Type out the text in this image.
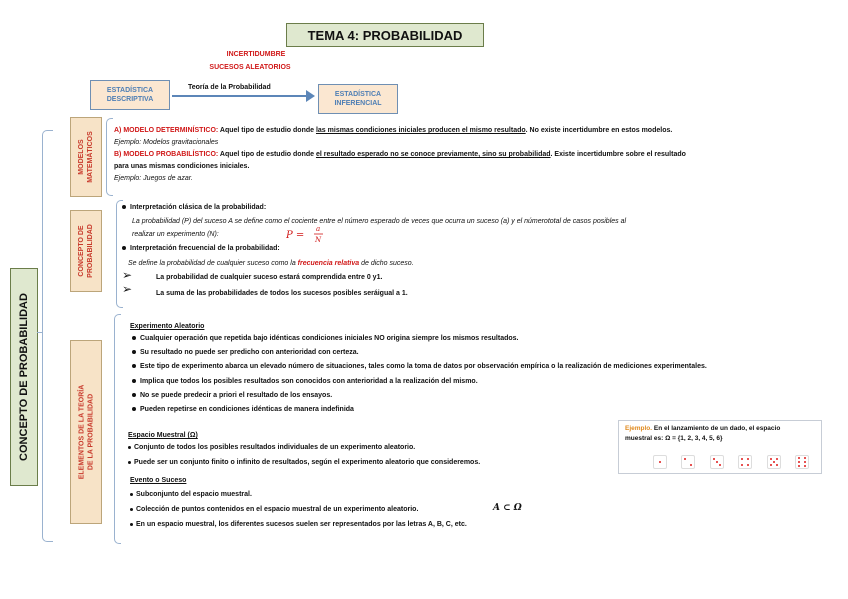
TEMA 4: PROBABILIDAD
INCERTIDUMBRE
SUCESOS ALEATORIOS
ESTADÍSTICA
DESCRIPTIVA
Teoría de la Probabilidad
ESTADÍSTICA
INFERENCIAL
CONCEPTO DE PROBABILIDAD
MODELOS MATEMÁTICOS
A) MODELO DETERMINÍSTICO: Aquel tipo de estudio donde las mismas condiciones iniciales producen el mismo resultado. No existe incertidumbre en estos modelos.
Ejemplo: Modelos gravitacionales
B) MODELO PROBABILÍSTICO: Aquel tipo de estudio donde el resultado esperado no se conoce previamente, sino su probabilidad. Existe incertidumbre sobre el resultado
para unas mismas condiciones iniciales.
Ejemplo: Juegos de azar.
CONCEPTO DE PROBABILIDAD
Interpretación clásica de la probabilidad:
La probabilidad (P) del suceso A se define como el cociente entre el número esperado de veces que ocurra un suceso (a) y el númerototal de casos posibles al
realizar un experimento (N):	P =
a
N
Interpretación frecuencial de la probabilidad:
Se define la probabilidad de cualquier suceso como la frecuencia relativa de dicho suceso.
➢	La probabilidad de cualquier suceso estará comprendida entre 0 y1.
➢	La suma de las probabilidades de todos los sucesos posibles seráigual a 1.
ELEMENTOS DE LA TEORÍA DE LA PROBABILIDAD
Experimento Aleatorio
Cualquier operación que repetida bajo idénticas condiciones iniciales NO origina siempre los mismos resultados.
Su resultado no puede ser predicho con anterioridad con certeza.
Este tipo de experimento abarca un elevado número de situaciones, tales como la toma de datos por observación empírica o la realización de mediciones experimentales.
Implica que todos los posibles resultados son conocidos con anterioridad a la realización del mismo.
No se puede predecir a priori el resultado de los ensayos.
Pueden repetirse en condiciones idénticas de manera indefinida
Espacio Muestral (Ω)
Conjunto de todos los posibles resultados individuales de un experimento aleatorio.
Puede ser un conjunto finito o infinito de resultados, según el experimento aleatorio que consideremos.
Evento o Suceso
Subconjunto del espacio muestral.
Colección de puntos contenidos en el espacio muestral de un experimento aleatorio.	A ⊂ Ω
En un espacio muestral, los diferentes sucesos suelen ser representados por las letras A, B, C, etc.
Ejemplo. En el lanzamiento de un dado, el espacio
muestral es: Ω = {1, 2, 3, 4, 5, 6}
